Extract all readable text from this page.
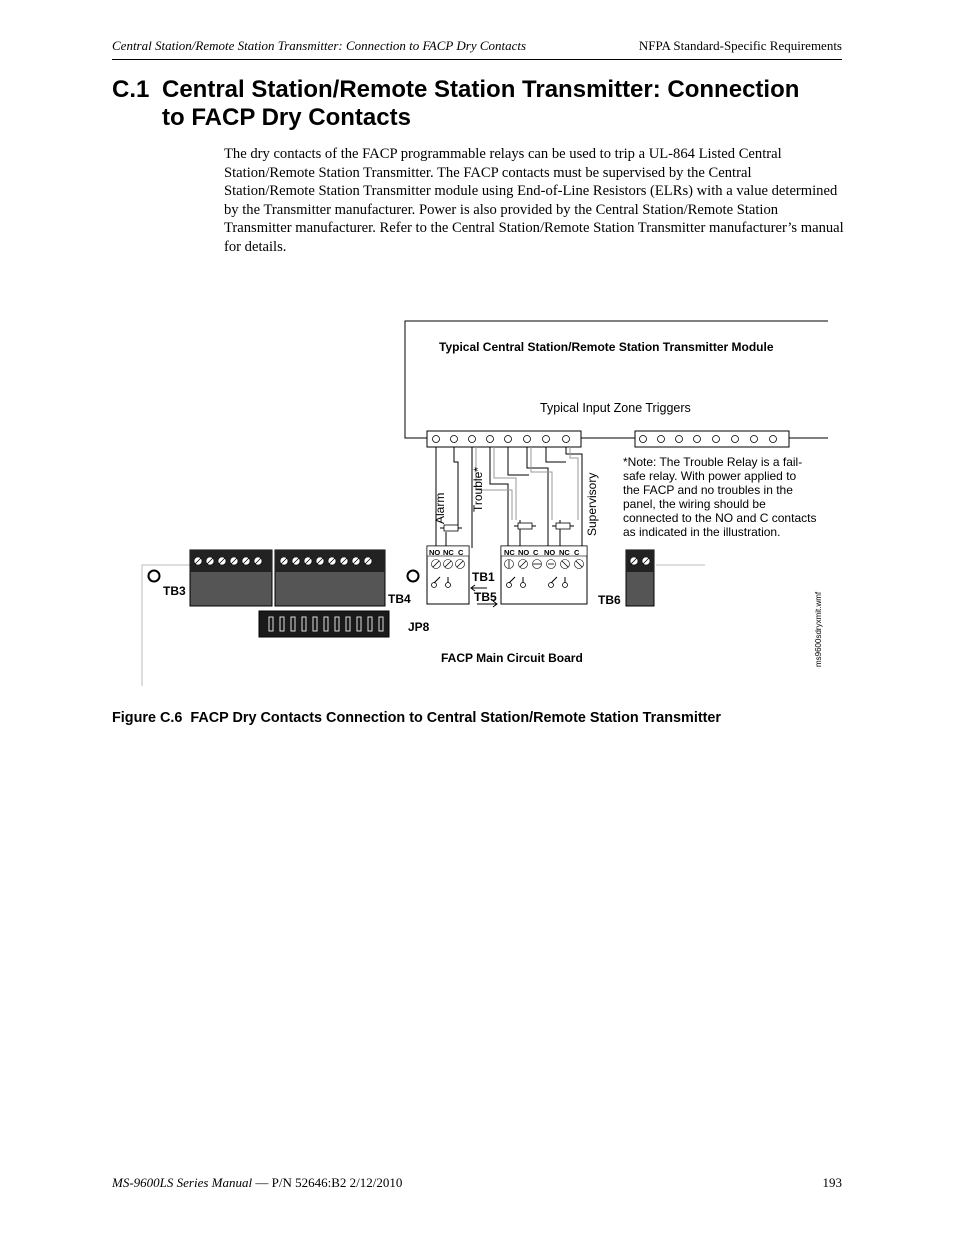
Central Station/Remote Station Transmitter: Connection to FACP Dry Contacts	NFPA Standard-Specific Requirements
C.1 Central Station/Remote Station Transmitter: Connection
to FACP Dry Contacts

The dry contacts of the FACP programmable relays can be used to trip a UL-864 Listed Central Station/Remote Station Transmitter. The FACP contacts must be supervised by the Central Station/Remote Station Transmitter module using End-of-Line Resistors (ELRs) with a value determined by the Transmitter manufacturer. Power is also provided by the Central Station/Remote Station Transmitter manufacturer. Refer to the Central Station/Remote Station Transmitter manufacturer’s manual for details.

Typical Central Station/Remote Station Transmitter Module
Typical Input Zone Triggers
*Note: The Trouble Relay is a fail-
safe relay. With power applied to
the FACP and no troubles in the
panel, the wiring should be
connected to the NO and C contacts
as indicated in the illustration.
Alarm Trouble*	Supervisory
TB3
TB4
JP8
NO NC C
TB1
NC NO C NO NC C
TB5	TB6
FACP Main Circuit Board	ms9600sdryxmit.wmf
Figure C.6 FACP Dry Contacts Connection to Central Station/Remote Station Transmitter
MS-9600LS Series Manual — P/N 52646:B2 2/12/2010	193
